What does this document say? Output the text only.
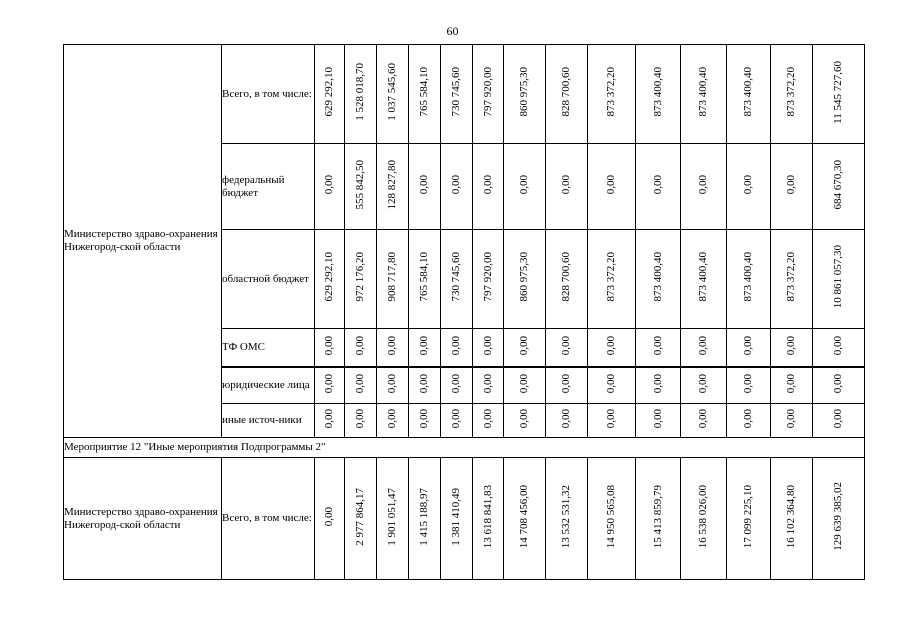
60
Министерство здраво-охранения Нижегород-ской области	Всего, в том числе:	629 292,10	1 528 018,70	1 037 545,60	765 584,10	730 745,60	797 920,00	860 975,30	828 700,60	873 372,20	873 400,40	873 400,40	873 400,40	873 372,20	11 545 727,60
	федеральный бюджет	0,00	555 842,50	128 827,80	0,00	0,00	0,00	0,00	0,00	0,00	0,00	0,00	0,00	0,00	684 670,30
	областной бюджет	629 292,10	972 176,20	908 717,80	765 584,10	730 745,60	797 920,00	860 975,30	828 700,60	873 372,20	873 400,40	873 400,40	873 400,40	873 372,20	10 861 057,30
	ТФ ОМС	0,00	0,00	0,00	0,00	0,00	0,00	0,00	0,00	0,00	0,00	0,00	0,00	0,00	0,00
	юридические лица	0,00	0,00	0,00	0,00	0,00	0,00	0,00	0,00	0,00	0,00	0,00	0,00	0,00	0,00
	иные источ-ники	0,00	0,00	0,00	0,00	0,00	0,00	0,00	0,00	0,00	0,00	0,00	0,00	0,00	0,00
Мероприятие 12 "Иные мероприятия Подпрограммы 2"															
Министерство здраво-охранения Нижегород-ской области	Всего, в том числе:	0,00	2 977 864,17	1 901 051,47	1 415 188,97	1 381 410,49	13 618 841,83	14 708 456,00	13 532 531,32	14 950 565,08	15 413 859,79	16 538 026,00	17 099 225,10	16 102 364,80	129 639 385,02
